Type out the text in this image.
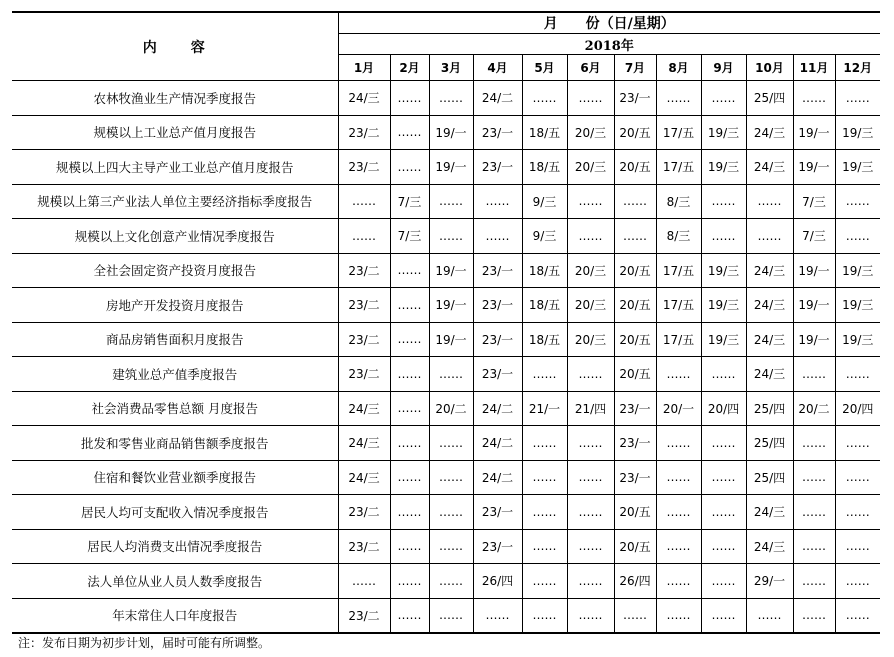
内　　容	月　　份（日/星期）											
	2018年											
	1月	2月	3月	4月	5月	6月	7月	8月	9月	10月	11月	12月
农林牧渔业生产情况季度报告	24/三	……	……	24/二	……	……	23/一	……	……	25/四	……	……
规模以上工业总产值月度报告	23/二	……	19/一	23/一	18/五	20/三	20/五	17/五	19/三	24/三	19/一	19/三
规模以上四大主导产业工业总产值月度报告	23/二	……	19/一	23/一	18/五	20/三	20/五	17/五	19/三	24/三	19/一	19/三
规模以上第三产业法人单位主要经济指标季度报告	……	7/三	……	……	9/三	……	……	8/三	……	……	7/三	……
规模以上文化创意产业情况季度报告	……	7/三	……	……	9/三	……	……	8/三	……	……	7/三	……
全社会固定资产投资月度报告	23/二	……	19/一	23/一	18/五	20/三	20/五	17/五	19/三	24/三	19/一	19/三
房地产开发投资月度报告	23/二	……	19/一	23/一	18/五	20/三	20/五	17/五	19/三	24/三	19/一	19/三
商品房销售面积月度报告	23/二	……	19/一	23/一	18/五	20/三	20/五	17/五	19/三	24/三	19/一	19/三
建筑业总产值季度报告	23/二	……	……	23/一	……	……	20/五	……	……	24/三	……	……
社会消费品零售总额 月度报告	24/三	……	20/二	24/二	21/一	21/四	23/一	20/一	20/四	25/四	20/二	20/四
批发和零售业商品销售额季度报告	24/三	……	……	24/二	……	……	23/一	……	……	25/四	……	……
住宿和餐饮业营业额季度报告	24/三	……	……	24/二	……	……	23/一	……	……	25/四	……	……
居民人均可支配收入情况季度报告	23/二	……	……	23/一	……	……	20/五	……	……	24/三	……	……
居民人均消费支出情况季度报告	23/二	……	……	23/一	……	……	20/五	……	……	24/三	……	……
法人单位从业人员人数季度报告	……	……	……	26/四	……	……	26/四	……	……	29/一	……	……
年末常住人口年度报告	23/二	……	……	……	……	……	……	……	……	……	……	……
注：发布日期为初步计划，届时可能有所调整。
